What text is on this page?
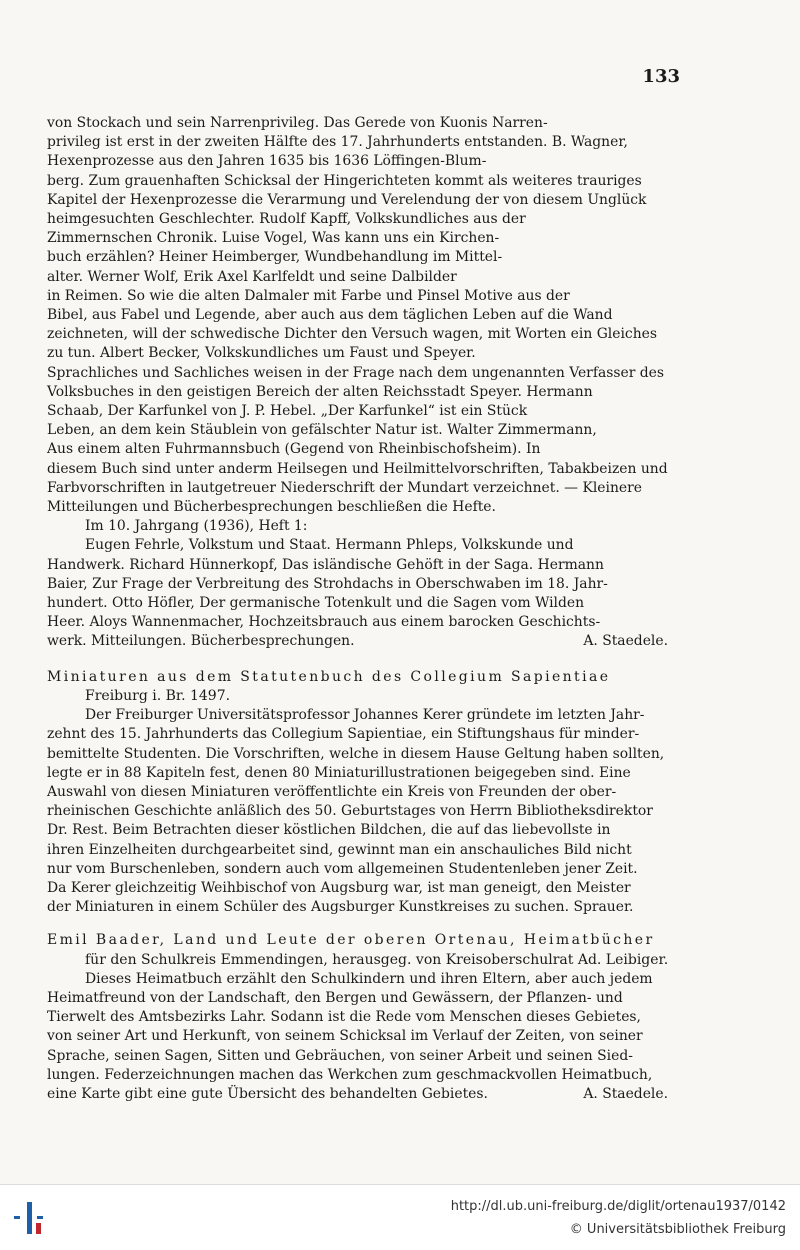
133

von Stockach und sein Narrenprivileg. Das Gerede von Kuonis Narren-

privileg ist erst in der zweiten Hälfte des 17. Jahrhunderts entstanden. B. Wagner,

Hexenprozesse aus den Jahren 1635 bis 1636 Löffingen-Blum-

berg. Zum grauenhaften Schicksal der Hingerichteten kommt als weiteres trauriges

Kapitel der Hexenprozesse die Verarmung und Verelendung der von diesem Unglück

heimgesuchten Geschlechter. Rudolf Kapff, Volkskundliches aus der

Zimmernschen Chronik. Luise Vogel, Was kann uns ein Kirchen-

buch erzählen? Heiner Heimberger, Wundbehandlung im Mittel-

alter. Werner Wolf, Erik Axel Karlfeldt und seine Dalbilder

in Reimen. So wie die alten Dalmaler mit Farbe und Pinsel Motive aus der

Bibel, aus Fabel und Legende, aber auch aus dem täglichen Leben auf die Wand

zeichneten, will der schwedische Dichter den Versuch wagen, mit Worten ein Gleiches

zu tun. Albert Becker, Volkskundliches um Faust und Speyer.

Sprachliches und Sachliches weisen in der Frage nach dem ungenannten Verfasser des

Volksbuches in den geistigen Bereich der alten Reichsstadt Speyer. Hermann

Schaab, Der Karfunkel von J. P. Hebel. „Der Karfunkel“ ist ein Stück

Leben, an dem kein Stäublein von gefälschter Natur ist. Walter Zimmermann,

Aus einem alten Fuhrmannsbuch (Gegend von Rheinbischofsheim). In

diesem Buch sind unter anderm Heilsegen und Heilmittelvorschriften, Tabakbeizen und

Farbvorschriften in lautgetreuer Niederschrift der Mundart verzeichnet. — Kleinere

Mitteilungen und Bücherbesprechungen beschließen die Hefte.

Im 10. Jahrgang (1936), Heft 1:

Eugen Fehrle, Volkstum und Staat. Hermann Phleps, Volkskunde und

Handwerk. Richard Hünnerkopf, Das isländische Gehöft in der Saga. Hermann

Baier, Zur Frage der Verbreitung des Strohdachs in Oberschwaben im 18. Jahr-

hundert. Otto Höfler, Der germanische Totenkult und die Sagen vom Wilden

Heer. Aloys Wannenmacher, Hochzeitsbrauch aus einem barocken Geschichts-

werk. Mitteilungen. Bücherbesprechungen.	A. Staedele.

Miniaturen aus dem Statutenbuch des Collegium Sapientiae

Freiburg i. Br. 1497.

Der Freiburger Universitätsprofessor Johannes Kerer gründete im letzten Jahr-

zehnt des 15. Jahrhunderts das Collegium Sapientiae, ein Stiftungshaus für minder-

bemittelte Studenten. Die Vorschriften, welche in diesem Hause Geltung haben sollten,

legte er in 88 Kapiteln fest, denen 80 Miniaturillustrationen beigegeben sind. Eine

Auswahl von diesen Miniaturen veröffentlichte ein Kreis von Freunden der ober-

rheinischen Geschichte anläßlich des 50. Geburtstages von Herrn Bibliotheksdirektor

Dr. Rest. Beim Betrachten dieser köstlichen Bildchen, die auf das liebevollste in

ihren Einzelheiten durchgearbeitet sind, gewinnt man ein anschauliches Bild nicht

nur vom Burschenleben, sondern auch vom allgemeinen Studentenleben jener Zeit.

Da Kerer gleichzeitig Weihbischof von Augsburg war, ist man geneigt, den Meister

der Miniaturen in einem Schüler des Augsburger Kunstkreises zu suchen. Sprauer.

Emil Baader, Land und Leute der oberen Ortenau, Heimatbücher

für den Schulkreis Emmendingen, herausgeg. von Kreisoberschulrat Ad. Leibiger.

Dieses Heimatbuch erzählt den Schulkindern und ihren Eltern, aber auch jedem

Heimatfreund von der Landschaft, den Bergen und Gewässern, der Pflanzen- und

Tierwelt des Amtsbezirks Lahr. Sodann ist die Rede vom Menschen dieses Gebietes,

von seiner Art und Herkunft, von seinem Schicksal im Verlauf der Zeiten, von seiner

Sprache, seinen Sagen, Sitten und Gebräuchen, von seiner Arbeit und seinen Sied-

lungen. Federzeichnungen machen das Werkchen zum geschmackvollen Heimatbuch,

eine Karte gibt eine gute Übersicht des behandelten Gebietes.	A. Staedele.

http://dl.ub.uni-freiburg.de/diglit/ortenau1937/0142
© Universitätsbibliothek Freiburg
